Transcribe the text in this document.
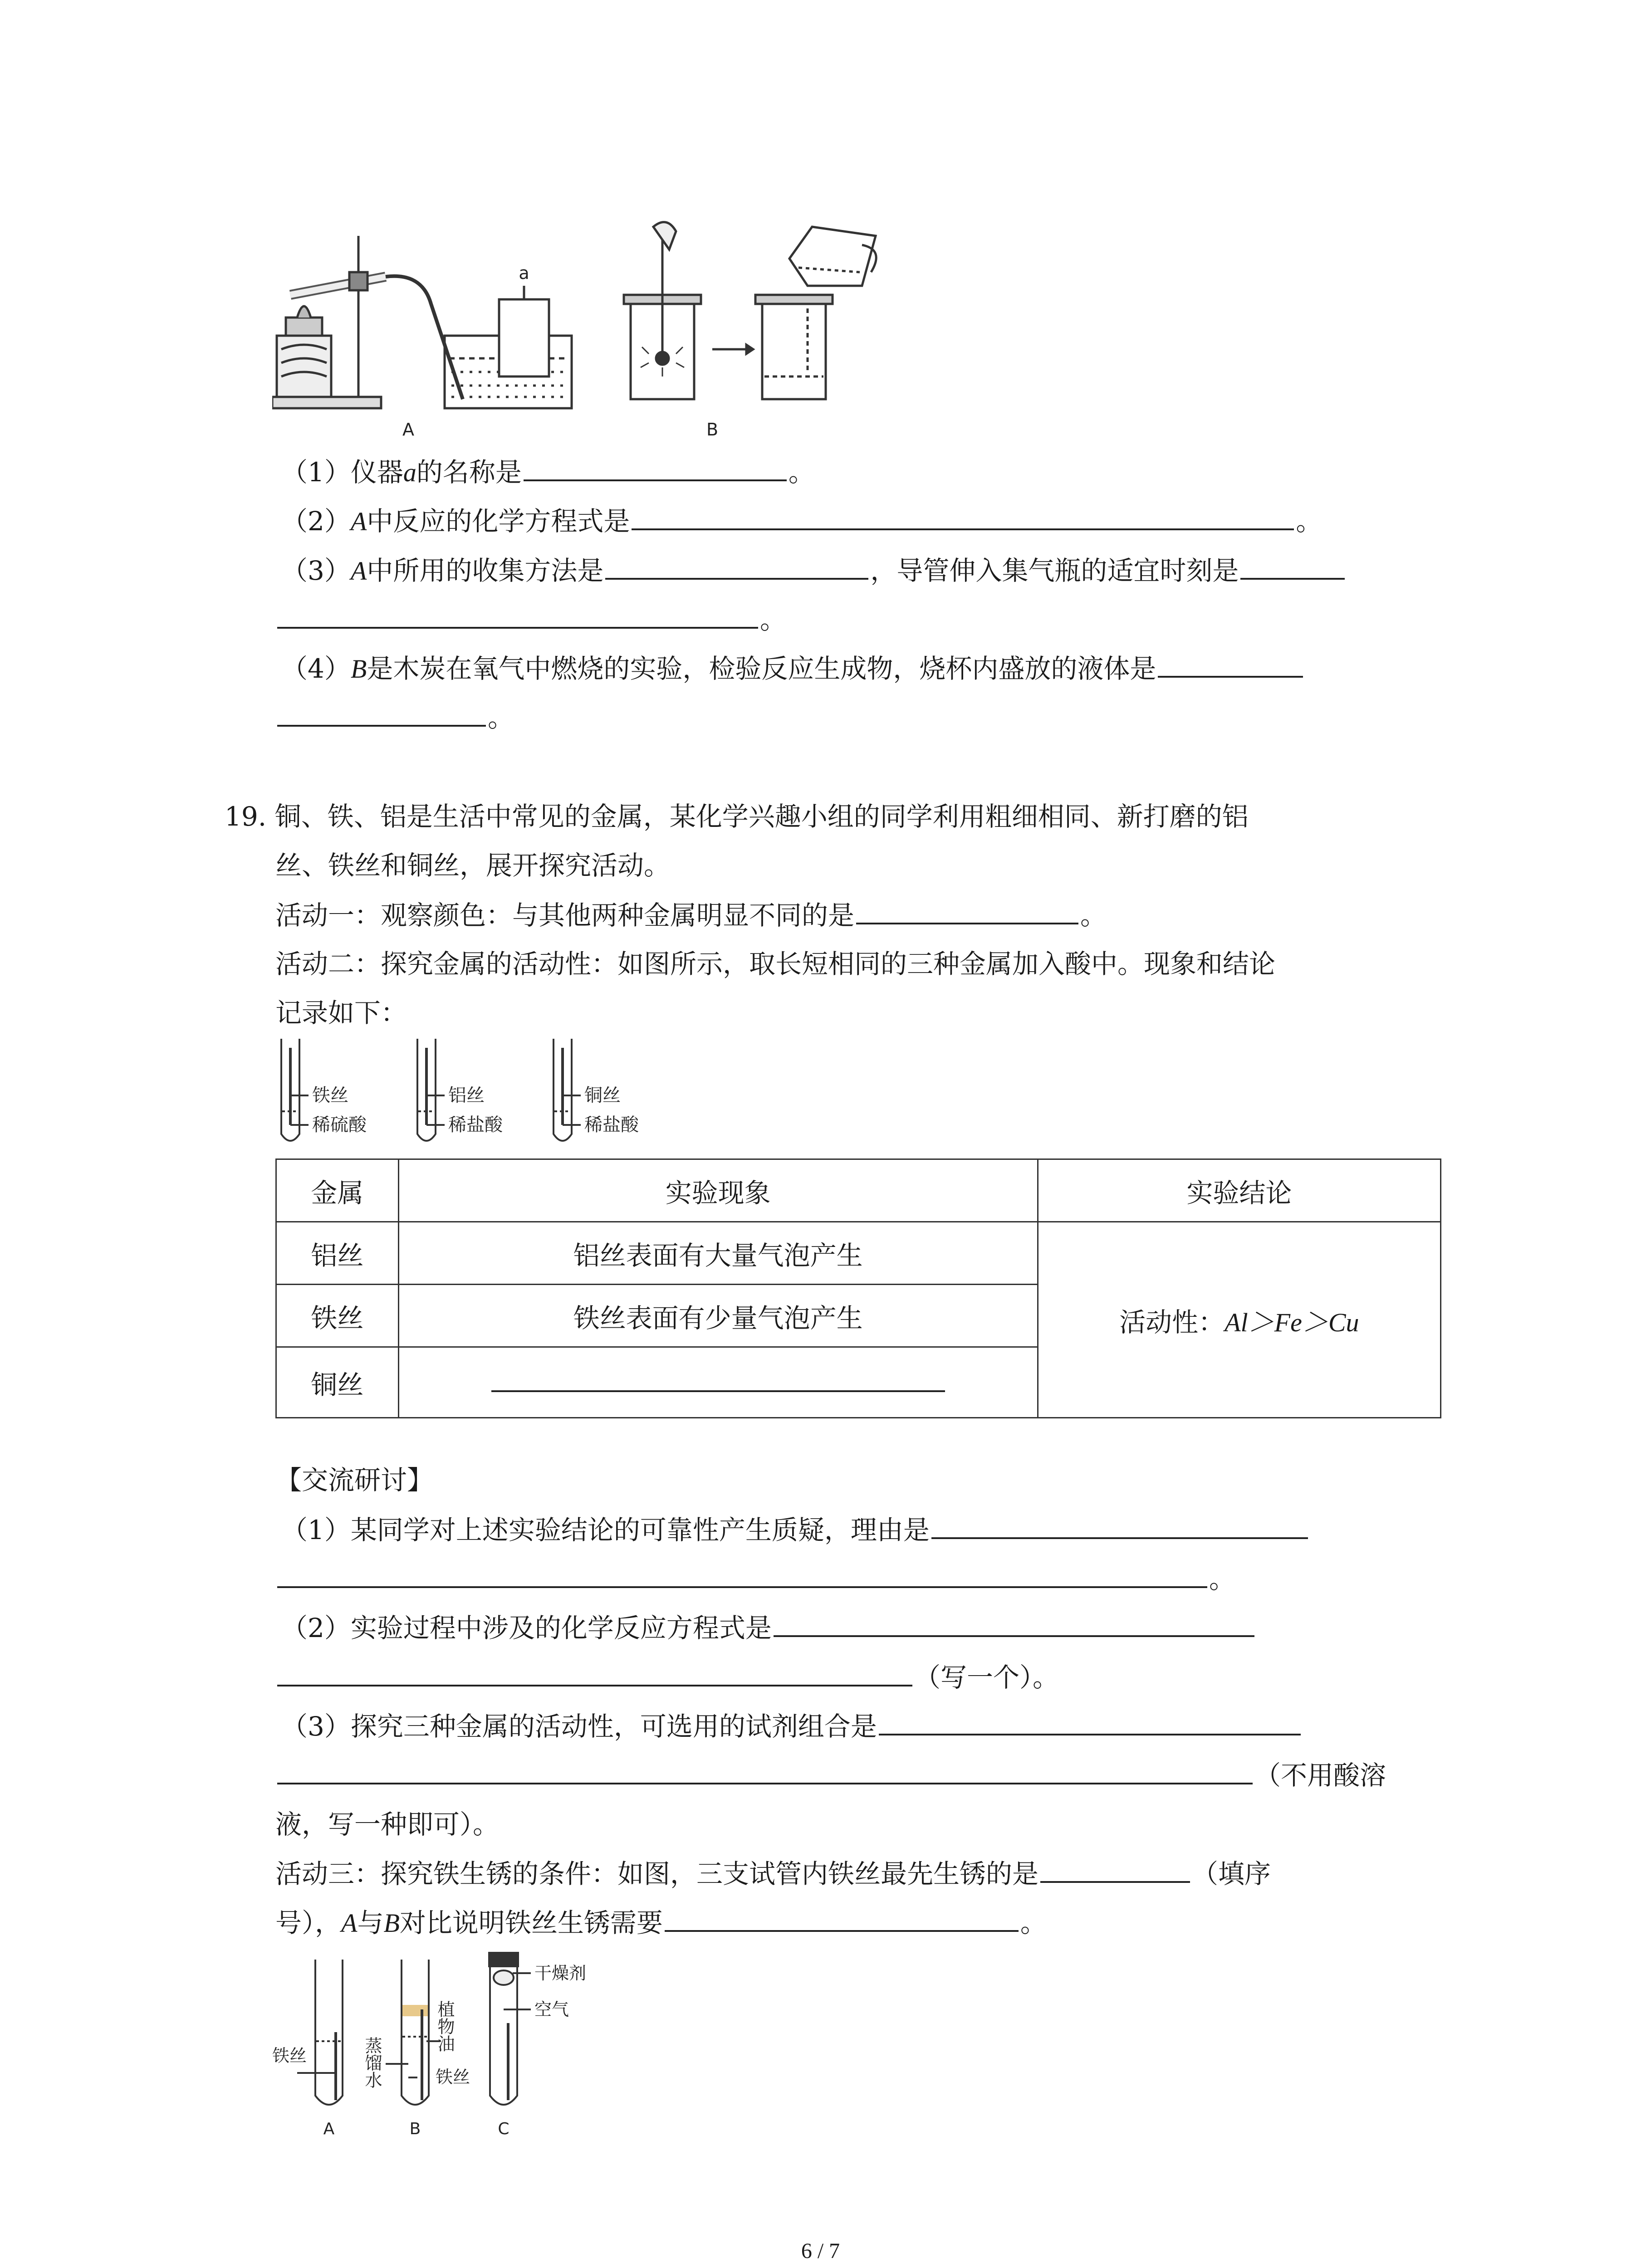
a
A	B
（1）仪器a的名称是	。
（2）A中反应的化学方程式是	。
（3）A中所用的收集方法是	，导管伸入集气瓶的适宜时刻是
。
（4）B是木炭在氧气中燃烧的实验，检验反应生成物，烧杯内盛放的液体是
。
19. 铜、铁、铝是生活中常见的金属，某化学兴趣小组的同学利用粗细相同、新打磨的铝
丝、铁丝和铜丝，展开探究活动。
活动一：观察颜色：与其他两种金属明显不同的是	。
活动二：探究金属的活动性：如图所示，取长短相同的三种金属加入酸中。现象和结论
记录如下：
铁丝
稀硫酸
铝丝
稀盐酸
铜丝
稀盐酸
金属	实验现象	实验结论
铝丝	铝丝表面有大量气泡产生	活动性：Al＞Fe＞Cu
铁丝	铁丝表面有少量气泡产生	
铜丝		
【交流研讨】
（1）某同学对上述实验结论的可靠性产生质疑，理由是
。
（2）实验过程中涉及的化学反应方程式是
（写一个）。
（3）探究三种金属的活动性，可选用的试剂组合是
（不用酸溶
液，写一种即可）。
活动三：探究铁生锈的条件：如图，三支试管内铁丝最先生锈的是	（填序
号），A与B对比说明铁丝生锈需要	。
铁丝	蒸馏水
植物油
铁丝
干燥剂
空气
A	B	C
6 / 7
